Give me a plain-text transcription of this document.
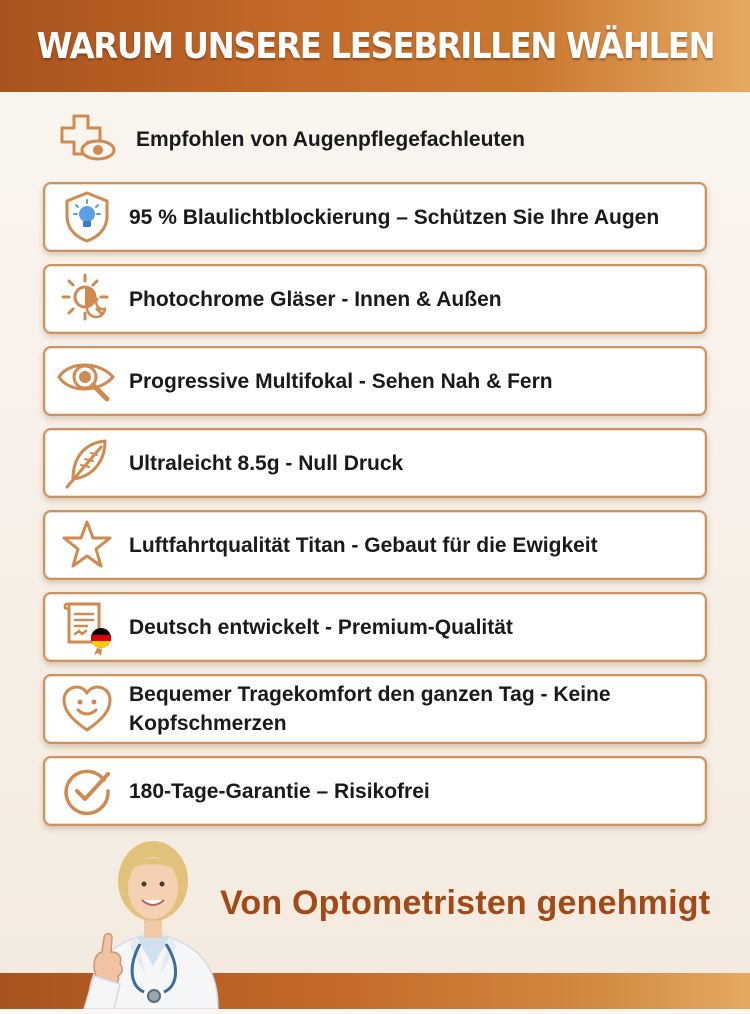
WARUM UNSERE LESEBRILLEN WÄHLEN
Empfohlen von Augenpflegefachleuten
95 % Blaulichtblockierung – Schützen Sie Ihre Augen
Photochrome Gläser - Innen & Außen
Progressive Multifokal - Sehen Nah & Fern
Ultraleicht 8.5g - Null Druck
Luftfahrtqualität Titan - Gebaut für die Ewigkeit
Deutsch entwickelt - Premium-Qualität
Bequemer Tragekomfort den ganzen Tag - Keine Kopfschmerzen
180-Tage-Garantie – Risikofrei
Von Optometristen genehmigt
